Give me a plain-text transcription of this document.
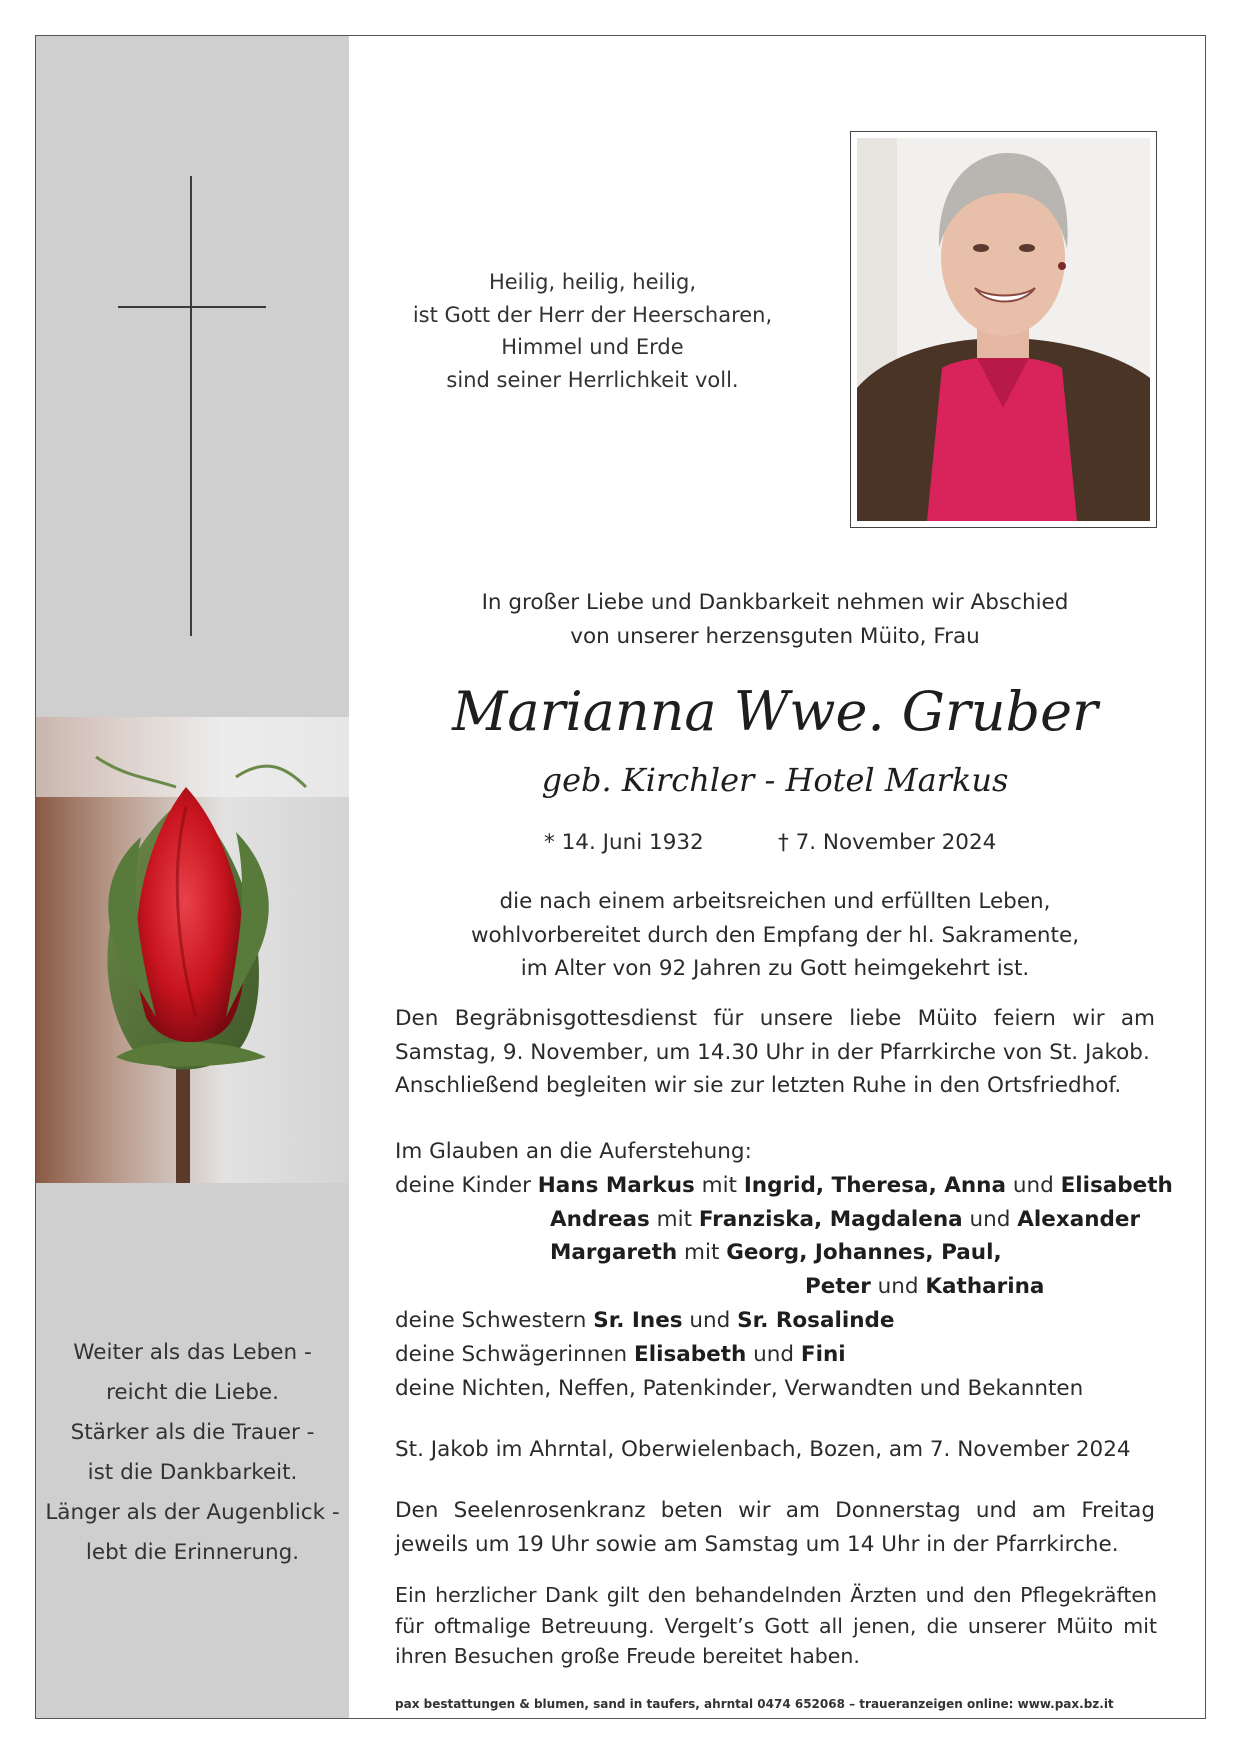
Weiter als das Leben -
reicht die Liebe.
Stärker als die Trauer -
ist die Dankbarkeit.
Länger als der Augenblick -
lebt die Erinnerung.
Heilig, heilig, heilig,
ist Gott der Herr der Heerscharen,
Himmel und Erde
sind seiner Herrlichkeit voll.
In großer Liebe und Dankbarkeit nehmen wir Abschied
von unserer herzensguten Müito, Frau
Marianna Wwe. Gruber
geb. Kirchler - Hotel Markus
* 14. Juni 1932	† 7. November 2024
die nach einem arbeitsreichen und erfüllten Leben,
wohlvorbereitet durch den Empfang der hl. Sakramente,
im Alter von 92 Jahren zu Gott heimgekehrt ist.
Den Begräbnisgottesdienst für unsere liebe Müito feiern wir am
Samstag, 9. November, um 14.30 Uhr in der Pfarrkirche von St. Jakob.
Anschließend begleiten wir sie zur letzten Ruhe in den Ortsfriedhof.
Im Glauben an die Auferstehung:
deine Kinder Hans Markus mit Ingrid, Theresa, Anna und Elisabeth
Andreas mit Franziska, Magdalena und Alexander
Margareth mit Georg, Johannes, Paul,
Peter und Katharina
deine Schwestern Sr. Ines und Sr. Rosalinde
deine Schwägerinnen Elisabeth und Fini
deine Nichten, Neffen, Patenkinder, Verwandten und Bekannten
St. Jakob im Ahrntal, Oberwielenbach, Bozen, am 7. November 2024
Den Seelenrosenkranz beten wir am Donnerstag und am Freitag
jeweils um 19 Uhr sowie am Samstag um 14 Uhr in der Pfarrkirche.
Ein herzlicher Dank gilt den behandelnden Ärzten und den Pflegekräften
für oftmalige Betreuung. Vergelt’s Gott all jenen, die unserer Müito mit
ihren Besuchen große Freude bereitet haben.
pax bestattungen & blumen, sand in taufers, ahrntal 0474 652068 – traueranzeigen online: www.pax.bz.it
